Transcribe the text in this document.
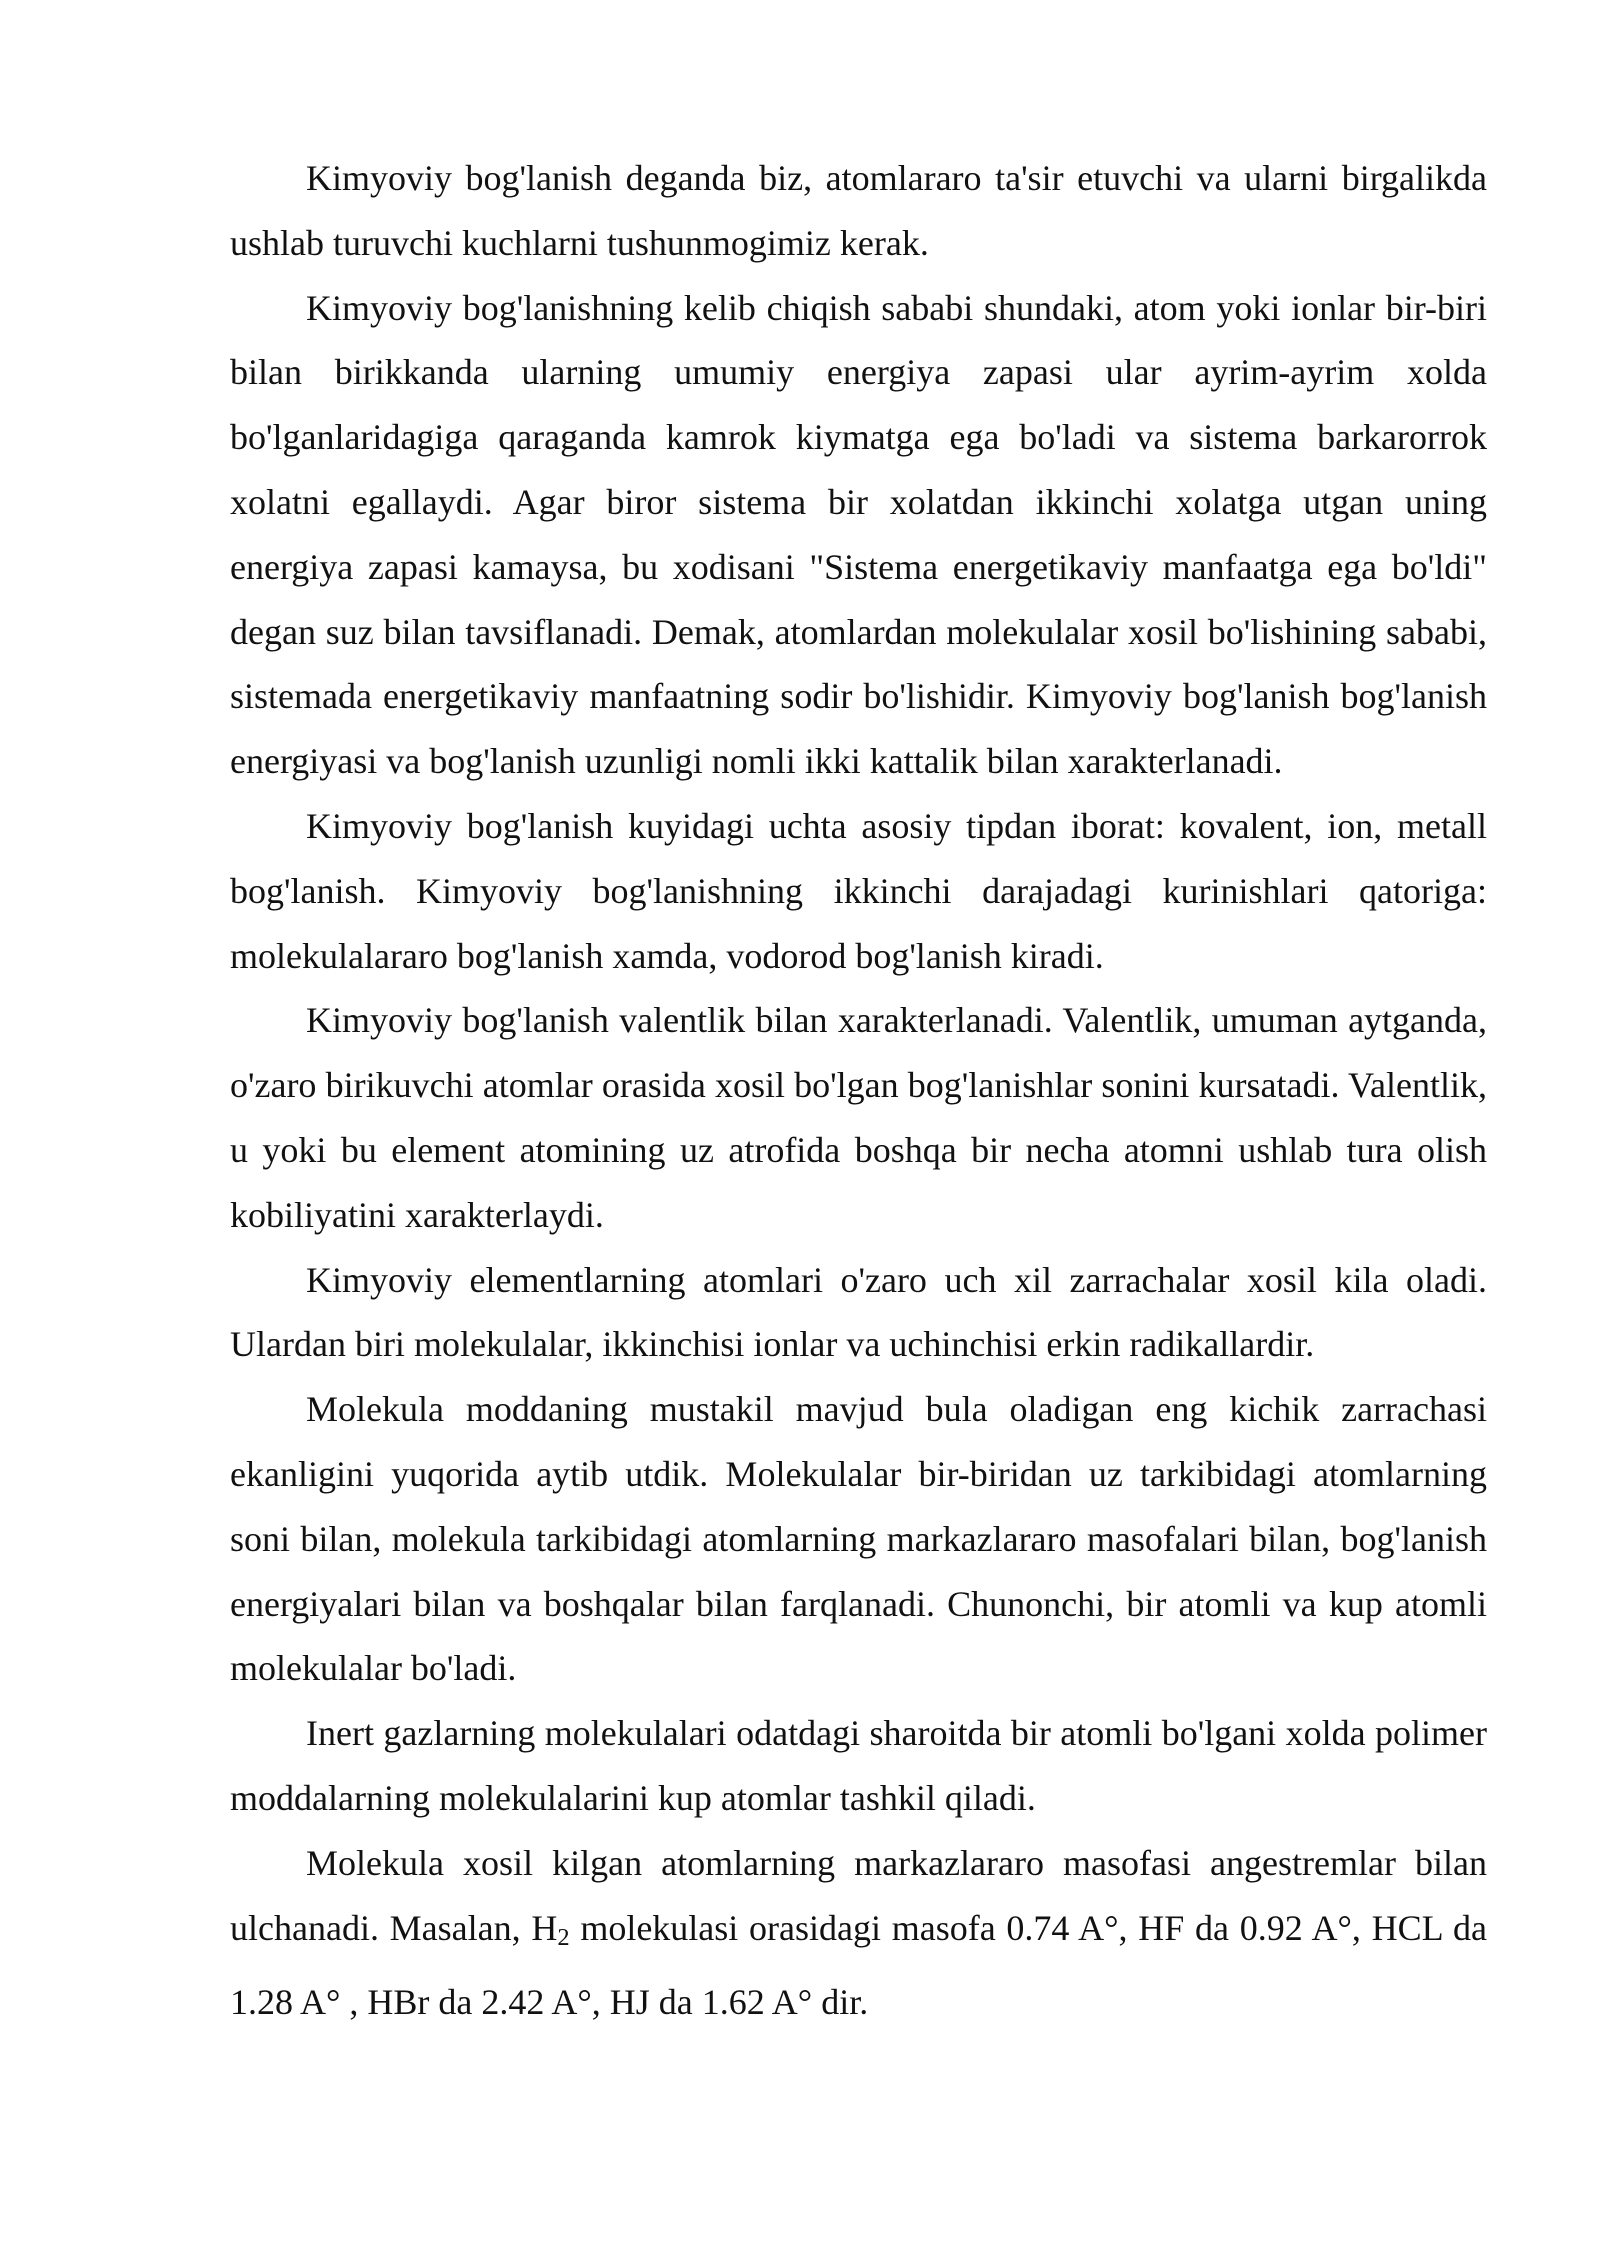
Kimyoviy bog'lanish deganda biz, atomlararo ta'sir etuvchi va ularni birgalikda ushlab turuvchi kuchlarni tushunmogimiz kerak.

Kimyoviy bog'lanishning kelib chiqish sababi shundaki, atom yoki ionlar bir-biri bilan birikkanda ularning umumiy energiya zapasi ular ayrim-ayrim xolda bo'lganlaridagiga qaraganda kamrok kiymatga ega bo'ladi va sistema barkarorrok xolatni egallaydi. Agar biror sistema bir xolatdan ikkinchi xolatga utgan uning energiya zapasi kamaysa, bu xodisani "Sistema energetikaviy manfaatga ega bo'ldi" degan suz bilan tavsiflanadi. Demak, atomlardan molekulalar xosil bo'lishining sababi, sistemada energetikaviy manfaatning sodir bo'lishidir. Kimyoviy bog'lanish bog'lanish energiyasi va bog'lanish uzunligi nomli ikki kattalik bilan xarakterlanadi.

Kimyoviy bog'lanish kuyidagi uchta asosiy tipdan iborat: kovalent, ion, metall bog'lanish. Kimyoviy bog'lanishning ikkinchi darajadagi kurinishlari qatoriga: molekulalararo bog'lanish xamda, vodorod bog'lanish kiradi.

Kimyoviy bog'lanish valentlik bilan xarakterlanadi. Valentlik, umuman aytganda, o'zaro birikuvchi atomlar orasida xosil bo'lgan bog'lanishlar sonini kursatadi. Valentlik, u yoki bu element atomining uz atrofida boshqa bir necha atomni ushlab tura olish kobiliyatini xarakterlaydi.

Kimyoviy elementlarning atomlari o'zaro uch xil zarrachalar xosil kila oladi. Ulardan biri molekulalar, ikkinchisi ionlar va uchinchisi erkin radikallardir.

Molekula moddaning mustakil mavjud bula oladigan eng kichik zarrachasi ekanligini yuqorida aytib utdik. Molekulalar bir-biridan uz tarkibidagi atomlarning soni bilan, molekula tarkibidagi atomlarning markazlararo masofalari bilan, bog'lanish energiyalari bilan va boshqalar bilan farqlanadi. Chunonchi, bir atomli va kup atomli molekulalar bo'ladi.

Inert gazlarning molekulalari odatdagi sharoitda bir atomli bo'lgani xolda polimer moddalarning molekulalarini kup atomlar tashkil qiladi.

Molekula xosil kilgan atomlarning markazlararo masofasi angestremlar bilan ulchanadi. Masalan, H2 molekulasi orasidagi masofa 0.74 A°, HF da 0.92 A°, HCL da 1.28 A° , HBr da 2.42 A°, HJ da 1.62 A° dir.
